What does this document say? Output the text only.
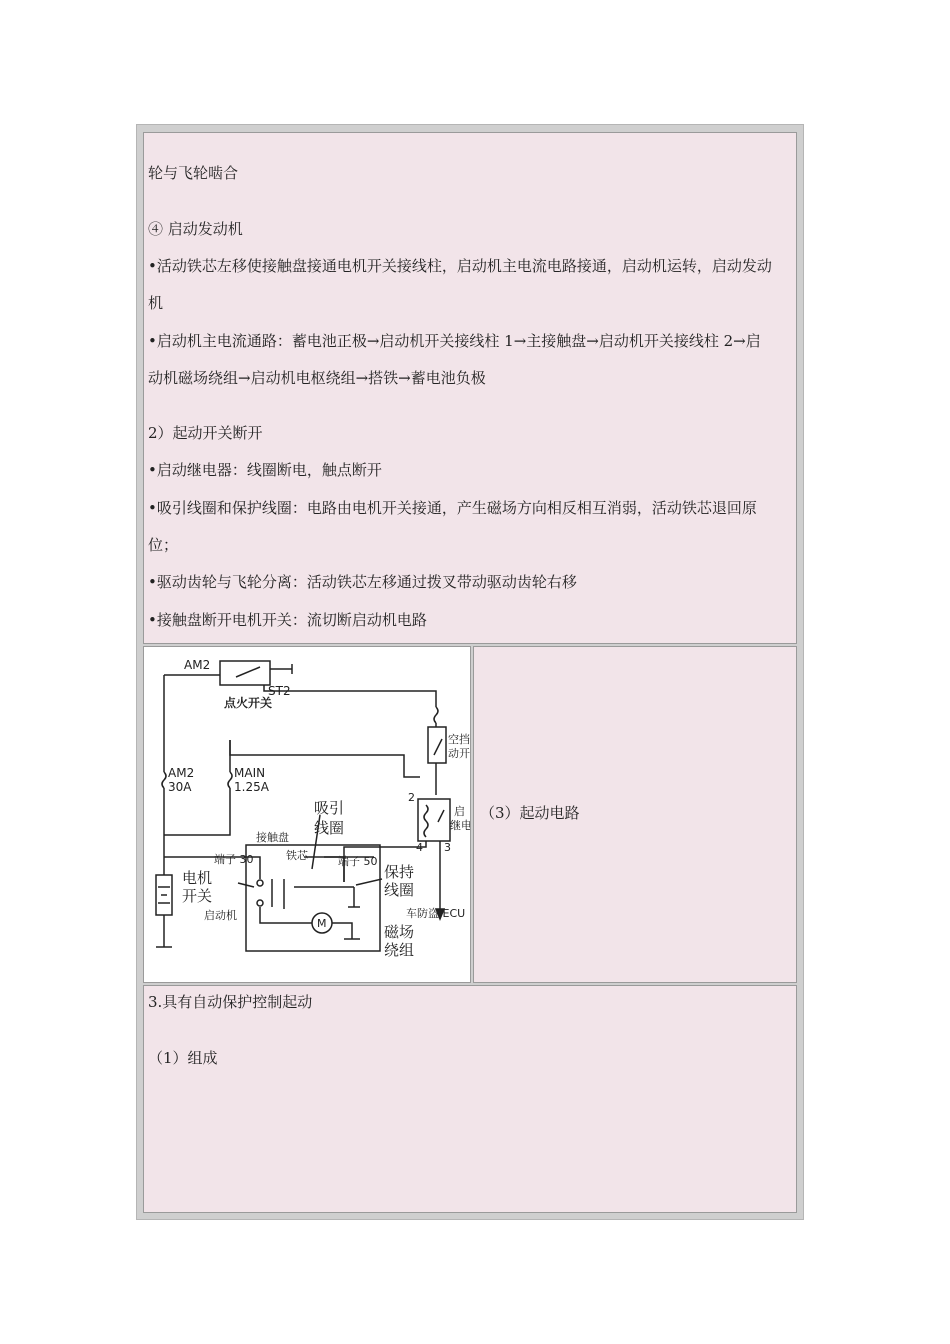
轮与飞轮啮合

④ 启动发动机

•活动铁芯左移使接触盘接通电机开关接线柱，启动机主电流电路接通，启动机运转，启动发动

机

•启动机主电流通路：蓄电池正极→启动机开关接线柱 1→主接触盘→启动机开关接线柱 2→启

动机磁场绕组→启动机电枢绕组→搭铁→蓄电池负极

2）起动开关断开

•启动继电器：线圈断电，触点断开

•吸引线圈和保护线圈：电路由电机开关接通，产生磁场方向相反相互消弱，活动铁芯退回原

位；

•驱动齿轮与飞轮分离：活动铁芯左移通过拨叉带动驱动齿轮右移

•接触盘断开电机开关：流切断启动机电路

AM2
ST2
点火开关
AM2
30A
MAIN
1.25A
吸引
线圈
接触盘
铁芯
端子 30	端子 50
电机
开关
保持
线圈
启动机
磁场
绕组
车防盗 ECU
空挡
动开
启
继电
2
4 3
M
（3）起动电路

3.具有自动保护控制起动

（1）组成
